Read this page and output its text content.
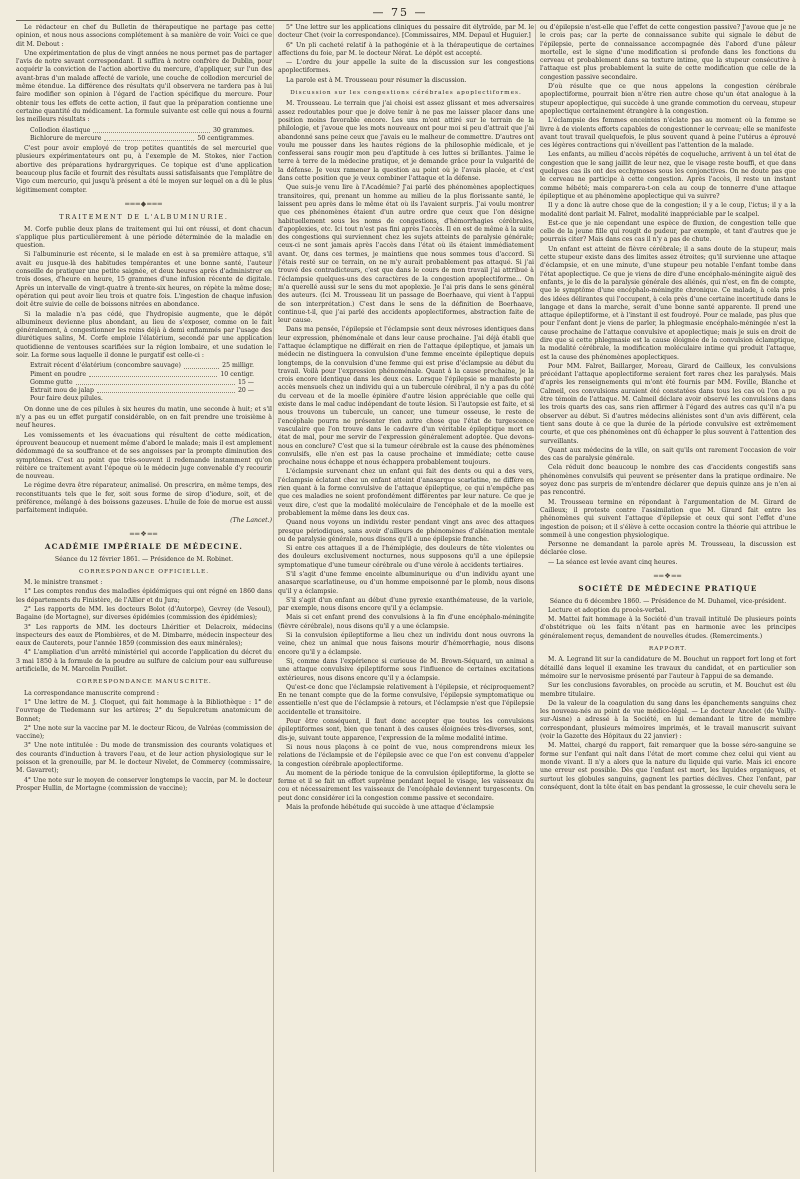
— 75 —

Le rédacteur en chef du Bulletin de thérapeutique ne partage pas cette opinion, et nous nous associons complétement à sa manière de voir. Voici ce que dit M. Debout :

Une expérimentation de plus de vingt années ne nous permet pas de partager l'avis de notre savant correspondant. Il suffira à notre confrère de Dublin, pour acquérir la conviction de l'action abortive du mercure, d'appliquer, sur l'un des avant-bras d'un malade affecté de variole, une couche de collodion mercuriel de même étendue. La différence des résultats qu'il observera ne tardera pas à lui faire modifier son opinion à l'égard de l'action spécifique du mercure. Pour obtenir tous les effets de cette action, il faut que la préparation contienne une certaine quantité du médicament. La formule suivante est celle qui nous a fourni les meilleurs résultats :

Collodion élastique	30 grammes.
Bichlorure de mercure	50 centigrammes.

C'est pour avoir employé de trop petites quantités de sel mercuriel que plusieurs expérimentateurs ont pu, à l'exemple de M. Stokes, nier l'action abortive des préparations hydrargyriques. Ce topique est d'une application beaucoup plus facile et fournit des résultats aussi satisfaisants que l'emplâtre de Vigo cum mercurio, qui jusqu'à présent a été le moyen sur lequel on a dû le plus légitimement compter.

═══◆═══
TRAITEMENT DE L'ALBUMINURIE.

M. Corfe publie deux plans de traitement qui lui ont réussi, et dont chacun s'applique plus particulièrement à une période déterminée de la maladie en question.

Si l'albuminurie est récente, si le malade en est à sa première attaque, s'il avait eu jusque-là des habitudes tempérantes et une bonne santé, l'auteur conseille de pratiquer une petite saignée, et deux heures après d'administrer en trois doses, d'heure en heure, 15 grammes d'une infusion récente de digitale. Après un intervalle de vingt-quatre à trente-six heures, on répète la même dose; opération qui peut avoir lieu trois et quatre fois. L'ingestion de chaque infusion doit être suivie de celle de boissons nitrées en abondance.

Si la maladie n'a pas cédé, que l'hydropisie augmente, que le dépôt albumineux devienne plus abondant, au lieu de s'exposer, comme on le fait généralement, à congestionner les reins déjà à demi enflammés par l'usage des diurétiques salins, M. Corfe emploie l'élatérium, secondé par une application quotidienne de ventouses scarifiées sur la région lombaire, et une sudation le soir. La forme sous laquelle il donne le purgatif est celle-ci :

Extrait récent d'élatérium (concombre sauvage)	25 milligr.
Piment en poudre	10 centigr.
Gomme gutte	15 —
Extrait mou de jalap	20 —
Pour faire deux pilules.

On donne une de ces pilules à six heures du matin, une seconde à huit; et s'il n'y a pas eu un effet purgatif considérable, on en fait prendre une troisième à neuf heures.

Les vomissements et les évacuations qui résultent de cette médication, éprouvent beaucoup et nuement même d'abord le malade; mais il est amplement dédommagé de sa souffrance et de ses angoisses par la prompte diminution des symptômes. C'est au point que très-souvent il redemande instamment qu'on réitère ce traitement avant l'époque où le médecin juge convenable d'y recourir de nouveau.

Le régime devra être réparateur, animalisé. On prescrira, en même temps, des reconstituants tels que le fer, soit sous forme de sirop d'iodure, soit, et de préférence, mélangé à des boissons gazeuses. L'huile de foie de morue est aussi parfaitement indiquée.

(The Lancet.)
══❖══
ACADÉMIE IMPÉRIALE DE MÉDECINE.

Séance du 12 février 1861. — Présidence de M. Robinet.

CORRESPONDANCE OFFICIELLE.

M. le ministre transmet :

1° Les comptes rendus des maladies épidémiques qui ont régné en 1860 dans les départements du Finistère, de l'Allier et du Jura;

2° Les rapports de MM. les docteurs Bolot (d'Autorpe), Gevrey (de Vesoul), Bagaine (de Mortagne), sur diverses épidémies (commission des épidémies);

3° Les rapports de MM. les docteurs Lhéritier et Delacroix, médecins inspecteurs des eaux de Plombières, et de M. Dimbarre, médecin inspecteur des eaux de Cauterets, pour l'année 1859 (commission des eaux minérales);

4° L'ampliation d'un arrêté ministériel qui accorde l'application du décret du 3 mai 1850 à la formule de la poudre au sulfure de calcium pour eau sulfureuse artificielle, de M. Marcelin Pouillet.

CORRESPONDANCE MANUSCRITE.

La correspondance manuscrite comprend :

1° Une lettre de M. J. Cloquet, qui fait hommage à la Bibliothèque : 1° de l'ouvrage de Tiedemann sur les artères; 2° du Sepulcretum anatomicum de Bonnet;

2° Une note sur la vaccine par M. le docteur Ricou, de Valréas (commission de vaccine);

3° Une note intitulée : Du mode de transmission des courants volatiques et des courants d'induction à travers l'eau, et de leur action physiologique sur le poisson et la grenouille, par M. le docteur Nivelet, de Commercy (commissaire, M. Gavarret);

4° Une note sur le moyen de conserver longtemps le vaccin, par M. le docteur Prosper Hullin, de Mortagne (commission de vaccine);

5° Une lettre sur les applications cliniques du pessaire dit élytroïde, par M. le docteur Chet (voir la correspondance). [Commissaires, MM. Depaul et Huguier.]

6° Un pli cacheté relatif à la pathogénie et à la thérapeutique de certaines affections du foie, par M. le docteur Nérat. Le dépôt est accepté.

— L'ordre du jour appelle la suite de la discussion sur les congestions apoplectiformes.

La parole est à M. Trousseau pour résumer la discussion.

Discussion sur les congestions cérébrales apoplectiformes.

M. Trousseau. Le terrain que j'ai choisi est assez glissant et mes adversaires assez redoutables pour que je doive tenir à ne pas me laisser placer dans une position moins favorable encore. Les uns m'ont attiré sur le terrain de la philologie, et j'avoue que les mots nouveaux ont pour moi si peu d'attrait que j'ai abandonné sans peine ceux que j'avais eu le malheur de commettre. D'autres ont voulu me pousser dans les hautes régions de la philosophie médicale, et je confesserai sans rougir mon peu d'aptitude à ces luttes si brillantes. J'aime le terre à terre de la médecine pratique, et je demande grâce pour la vulgarité de la défense. Je veux ramener la question au point où je l'avais placée, et c'est dans cette position que je veux combiner l'attaque et la défense.

Que suis-je venu lire à l'Académie? J'ai parlé des phénomènes apoplectiques transitoires, qui, prenant un homme au milieu de la plus florissante santé, le laissent peu après dans le même état où ils l'avaient surpris. J'ai voulu montrer que ces phénomènes étaient d'un autre ordre que ceux que l'on désigne habituellement sous les noms de congestions, d'hémorrhagies cérébrales, d'apoplexies, etc. Ici tout n'est pas fini après l'accès. Il en est de même à la suite des congestions qui surviennent chez les sujets atteints de paralysie générale; ceux-ci ne sont jamais après l'accès dans l'état où ils étaient immédiatement avant. Or, dans ces termes, je maintiens que nous sommes tous d'accord. Si j'étais resté sur ce terrain, on ne m'y aurait probablement pas attaqué. Si j'ai trouvé des contradicteurs, c'est que dans le cours de mon travail j'ai attribué à l'éclampsie quelques-uns des caractères de la congestion apoplectiforme... On m'a querellé aussi sur le sens du mot apoplexie. Je l'ai pris dans le sens général des auteurs. (Ici M. Trousseau lit un passage de Boerhaave, qui vient à l'appui de son interprétation.) C'est dans le sens de la définition de Boerhaave, continue-t-il, que j'ai parlé des accidents apoplectiformes, abstraction faite de leur cause.

Dans ma pensée, l'épilepsie et l'éclampsie sont deux névroses identiques dans leur expression, phénoménale et dans leur cause prochaine. J'ai déjà établi que l'attaque éclamptique ne différait en rien de l'attaque épileptique, et jamais un médecin ne distinguera la convulsion d'une femme enceinte épileptique depuis longtemps, de la convulsion d'une femme qui est prise d'éclampsie au début du travail. Voilà pour l'expression phénoménale. Quant à la cause prochaine, je la crois encore identique dans les deux cas. Lorsque l'épilepsie se manifeste par accès mensuels chez un individu qui a un tubercule cérébral, il n'y a pas du côté du cerveau et de la moelle épinière d'autre lésion appréciable que celle qui existe dans le mal caduc indépendant de toute lésion. Si l'autopsie est faite, et si nous trouvons un tubercule, un cancer, une tumeur osseuse, le reste de l'encéphale pourra ne présenter rien autre chose que l'état de turgescence vasculaire que l'on trouve dans le cadavre d'un véritable épileptique mort en état de mal, pour me servir de l'expression généralement adoptée. Que devons-nous en conclure? C'est que si la tumeur cérébrale est la cause des phénomènes convulsifs, elle n'en est pas la cause prochaine et immédiate; cette cause prochaine nous échappe et nous échappera probablement toujours.

L'éclampsie survenant chez un enfant qui fait des dents ou qui a des vers, l'éclampsie éclatant chez un enfant atteint d'anasarque scarlatine, ne diffère en rien quant à la forme convulsive de l'attaque épileptique, ce qui n'empêche pas que ces maladies ne soient profondément différentes par leur nature. Ce que je veux dire, c'est que la modalité moléculaire de l'encéphale et de la moelle est probablement la même dans les deux cas.

Quand nous voyons un individu rester pendant vingt ans avec des attaques presque périodiques, sans avoir d'ailleurs de phénomènes d'aliénation mentale ou de paralysie générale, nous disons qu'il a une épilepsie franche.

Si entre ces attaques il a de l'hémiplégie, des douleurs de tête violentes ou des douleurs exclusivement nocturnes, nous supposons qu'il a une épilepsie symptomatique d'une tumeur cérébrale ou d'une vérole à accidents tertiaires.

S'il s'agit d'une femme enceinte albuminurique ou d'un individu ayant une anasarque scarlatineuse, ou d'un homme empoisonné par le plomb, nous disons qu'il y a éclampsie.

S'il s'agit d'un enfant au début d'une pyrexie exanthémateuse, de la variole, par exemple, nous disons encore qu'il y a éclampsie.

Mais si cet enfant prend des convulsions à la fin d'une encéphalo-méningite (fièvre cérébrale), nous disons qu'il y a une éclampsie.

Si la convulsion épileptiforme a lieu chez un individu dont nous ouvrons la veine, chez un animal que nous faisons mourir d'hémorrhagie, nous disons encore qu'il y a éclampsie.

Si, comme dans l'expérience si curieuse de M. Brown-Séquard, un animal a une attaque convulsive épileptiforme sous l'influence de certaines excitations extérieures, nous disons encore qu'il y a éclampsie.

Qu'est-ce donc que l'éclampsie relativement à l'épilepsie, et réciproquement? En ne tenant compte que de la forme convulsive, l'épilepsie symptomatique ou essentielle n'est que de l'éclampsie à retours, et l'éclampsie n'est que l'épilepsie accidentelle et transitoire.

Pour être conséquent, il faut donc accepter que toutes les convulsions épileptiformes sont, bien que tenant à des causes éloignées très-diverses, sont, dis-je, suivant toute apparence, l'expression de la même modalité intime.

Si nous nous plaçons à ce point de vue, nous comprendrons mieux les relations de l'éclampsie et de l'épilepsie avec ce que l'on est convenu d'appeler la congestion cérébrale apoplectiforme.

Au moment de la période tonique de la convulsion épileptiforme, la glotte se ferme et il se fait un effort suprême pendant lequel le visage, les vaisseaux du cou et nécessairement les vaisseaux de l'encéphale deviennent turgescents. On peut donc considérer ici la congestion comme passive et secondaire.

Mais la profonde hébétude qui succède à une attaque d'éclampsie

ou d'épilepsie n'est-elle que l'effet de cette congestion passive? J'avoue que je ne le crois pas; car la perte de connaissance subite qui signale le début de l'épilepsie, perte de connaissance accompagnée dès l'abord d'une pâleur mortelle, est le signe d'une modification si profonde dans les fonctions du cerveau et probablement dans sa texture intime, que la stupeur consécutive à l'attaque est plus probablement la suite de cette modification que celle de la congestion passive secondaire.

D'où résulte que ce que nous appelons la congestion cérébrale apoplectiforme, pourrait bien n'être rien autre chose qu'un état analogue à la stupeur apoplectique, qui succède à une grande commotion du cerveau, stupeur apoplectique certainement étrangère à la congestion.

L'éclampsie des femmes enceintes n'éclate pas au moment où la femme se livre à de violents efforts capables de congestionner le cerveau; elle se manifeste avant tout travail quelquefois, le plus souvent quand à peine l'utérus a éprouvé ces légères contractions qui n'éveillent pas l'attention de la malade.

Les enfants, au milieu d'accès répétés de coqueluche, arrivent à un tel état de congestion que le sang jaillit de leur nez, que le visage reste bouffi, et que dans quelques cas ils ont des ecchymoses sous les conjonctives. On ne doute pas que le cerveau ne participe à cette congestion. Après l'accès, il reste un instant comme hébété; mais comparera-t-on cela au coup de tonnerre d'une attaque épileptique et au phénomène apoplectique qui va suivre?

Il y a donc là autre chose que de la congestion; il y a le coup, l'ictus; il y a la modalité dont parlait M. Falret, modalité inappréciable par le scalpel.

Est-ce que je nie cependant une espèce de fluxion, de congestion telle que celle de la jeune fille qui rougit de pudeur, par exemple, et tant d'autres que je pourrais citer? Mais dans ces cas il n'y a pas de chute.

Un enfant est atteint de fièvre cérébrale; il a sans doute de la stupeur, mais cette stupeur existe dans des limites assez étroites; qu'il survienne une attaque d'éclampsie, et en une minute, d'une stupeur peu notable l'enfant tombe dans l'état apoplectique. Ce que je viens de dire d'une encéphalo-méningite aiguë des enfants, je le dis de la paralysie générale des aliénés, qui n'est, en fin de compte, que le symptôme d'une encéphalo-méningite chronique. Ce malade, à cela près des idées délirantes qui l'occupent, à cela près d'une certaine incertitude dans le langage et dans la marche, serait d'une bonne santé apparente. Il prend une attaque épileptiforme, et à l'instant il est foudroyé. Pour ce malade, pas plus que pour l'enfant dont je viens de parler, la phlegmasie encéphalo-méningée n'est la cause prochaine de l'attaque convulsive et apoplectique; mais je suis en droit de dire que si cette phlegmasie est la cause éloignée de la convulsion éclamptique, la modalité cérébrale, la modification moléculaire intime qui produit l'attaque, est la cause des phénomènes apoplectiques.

Pour MM. Falret, Baillarger, Moreau, Girard de Cailleux, les convulsions précédant l'attaque apoplectiforme seraient fort rares chez les paralysés. Mais d'après les renseignements qui m'ont été fournis par MM. Foville, Blanche et Calmeil, ces convulsions auraient été constatées dans tous les cas où l'on a pu être témoin de l'attaque. M. Calmeil déclare avoir observé les convulsions dans les trois quarts des cas, sans rien affirmer à l'égard des autres cas qu'il n'a pu observer au début. Si d'autres médecins aliénistes sont d'un avis différent, cela tient sans doute à ce que la durée de la période convulsive est extrêmement courte, et que ces phénomènes ont dû échapper le plus souvent à l'attention des surveillants.

Quant aux médecins de la ville, on sait qu'ils ont rarement l'occasion de voir des cas de paralysie générale.

Cela réduit donc beaucoup le nombre des cas d'accidents congestifs sans phénomènes convulsifs qui peuvent se présenter dans la pratique ordinaire. Ne soyez donc pas surpris de m'entendre déclarer que depuis quinze ans je n'en ai pas rencontré.

M. Trousseau termine en répondant à l'argumentation de M. Girard de Cailleux; il proteste contre l'assimilation que M. Girard fait entre les phénomènes qui suivent l'attaque d'épilepsie et ceux qui sont l'effet d'une ingestion de poison; et il s'élève à cette occasion contre la théorie qui attribue le sommeil à une congestion physiologique.

Personne ne demandant la parole après M. Trousseau, la discussion est déclarée close.

— La séance est levée avant cinq heures.

══❖══
SOCIÉTÉ DE MÉDECINE PRATIQUE

Séance du 6 décembre 1860. — Présidence de M. Duhamel, vice-président.

Lecture et adoption du procès-verbal.

M. Mattei fait hommage à la Société d'un travail intitulé De plusieurs points d'obstétrique où les faits n'étant pas en harmonie avec les principes généralement reçus, demandent de nouvelles études. (Remerciments.)

RAPPORT.

M. A. Legrand lit sur la candidature de M. Bouchut un rapport fort long et fort détaillé dans lequel il examine les travaux du candidat, et en particulier son mémoire sur le nervosisme présenté par l'auteur à l'appui de sa demande.

Sur les conclusions favorables, on procède au scrutin, et M. Bouchut est élu membre titulaire.

De la valeur de la coagulation du sang dans les épanchements sanguins chez les nouveau-nés au point de vue médico-légal. — Le docteur Ancelet (de Vailly-sur-Aisne) a adressé à la Société, en lui demandant le titre de membre correspondant, plusieurs mémoires imprimés, et le travail manuscrit suivant (voir la Gazette des Hôpitaux du 22 janvier) :

M. Mattei, chargé du rapport, fait remarquer que la bosse séro-sanguine se forme sur l'enfant qui naît dans l'état de mort comme chez celui qui vient au monde vivant. Il n'y a alors que la nature du liquide qui varie. Mais ici encore une erreur est possible. Dès que l'enfant est mort, les liquides organiques, et surtout les globules sanguins, gagnent les parties déclives. Chez l'enfant, par conséquent, dont la tête était en bas pendant la grossesse, le cuir chevelu sera le
